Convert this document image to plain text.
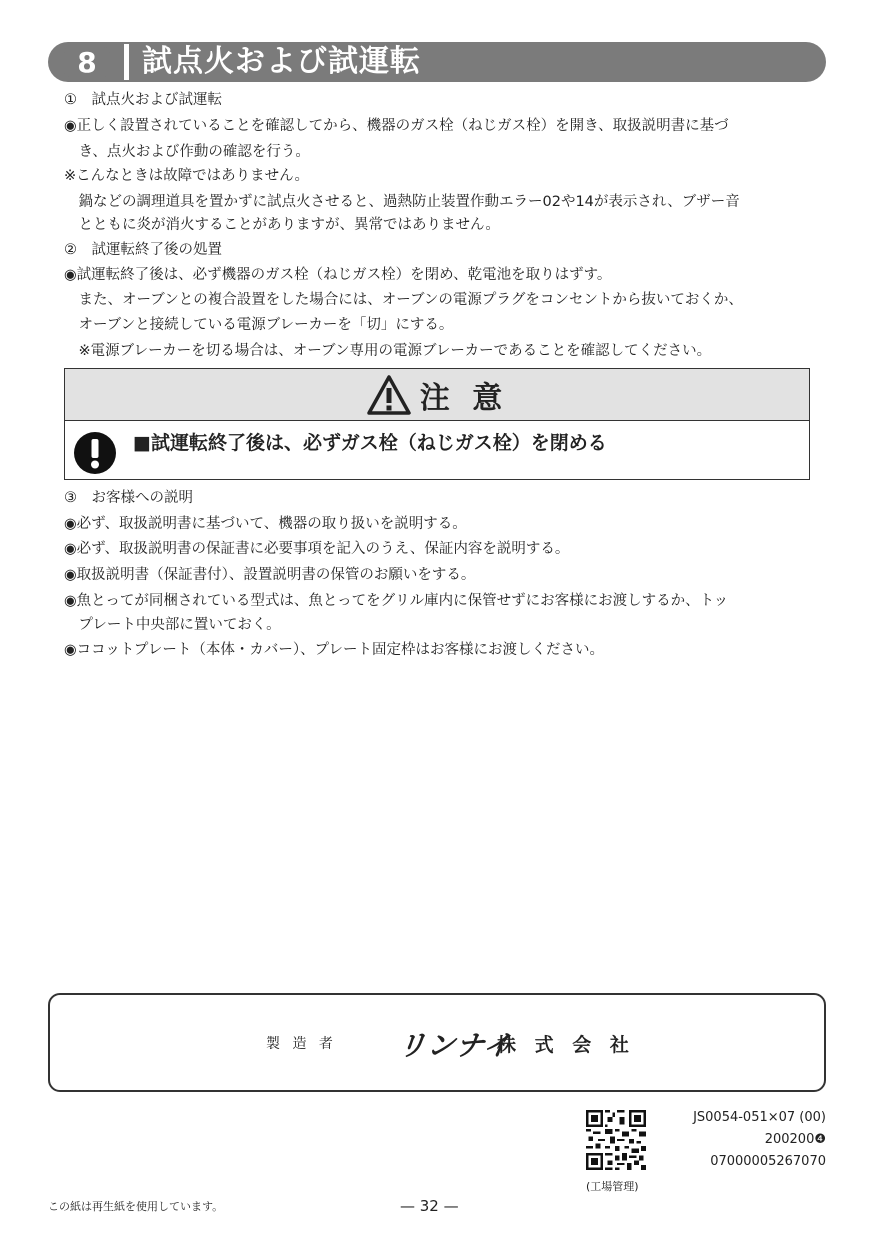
8	試点火および試運転
①　試点火および試運転
◉正しく設置されていることを確認してから、機器のガス栓（ねじガス栓）を開き、取扱説明書に基づ
　き、点火および作動の確認を行う。
※こんなときは故障ではありません。
　鍋などの調理道具を置かずに試点火させると、過熱防止装置作動エラー02や14が表示され、ブザー音
　とともに炎が消火することがありますが、異常ではありません。
②　試運転終了後の処置
◉試運転終了後は、必ず機器のガス栓（ねじガス栓）を閉め、乾電池を取りはずす。
　また、オーブンとの複合設置をした場合には、オーブンの電源プラグをコンセントから抜いておくか、
　オーブンと接続している電源ブレーカーを「切」にする。
　※電源ブレーカーを切る場合は、オーブン専用の電源ブレーカーであることを確認してください。
注 意
■試運転終了後は、必ずガス栓（ねじガス栓）を閉める
③　お客様への説明
◉必ず、取扱説明書に基づいて、機器の取り扱いを説明する。
◉必ず、取扱説明書の保証書に必要事項を記入のうえ、保証内容を説明する。
◉取扱説明書（保証書付）、設置説明書の保管のお願いをする。
◉魚とってが同梱されている型式は、魚とってをグリル庫内に保管せずにお客様にお渡しするか、トッ
　プレート中央部に置いておく。
◉ココットプレート（本体・カバー）、プレート固定枠はお客様にお渡しください。
製 造 者 リンナイ
株 式 会 社
(工場管理)
JS0054-051×07 (00)
200200❹
07000005267070
この紙は再生紙を使用しています。	— 32 —
